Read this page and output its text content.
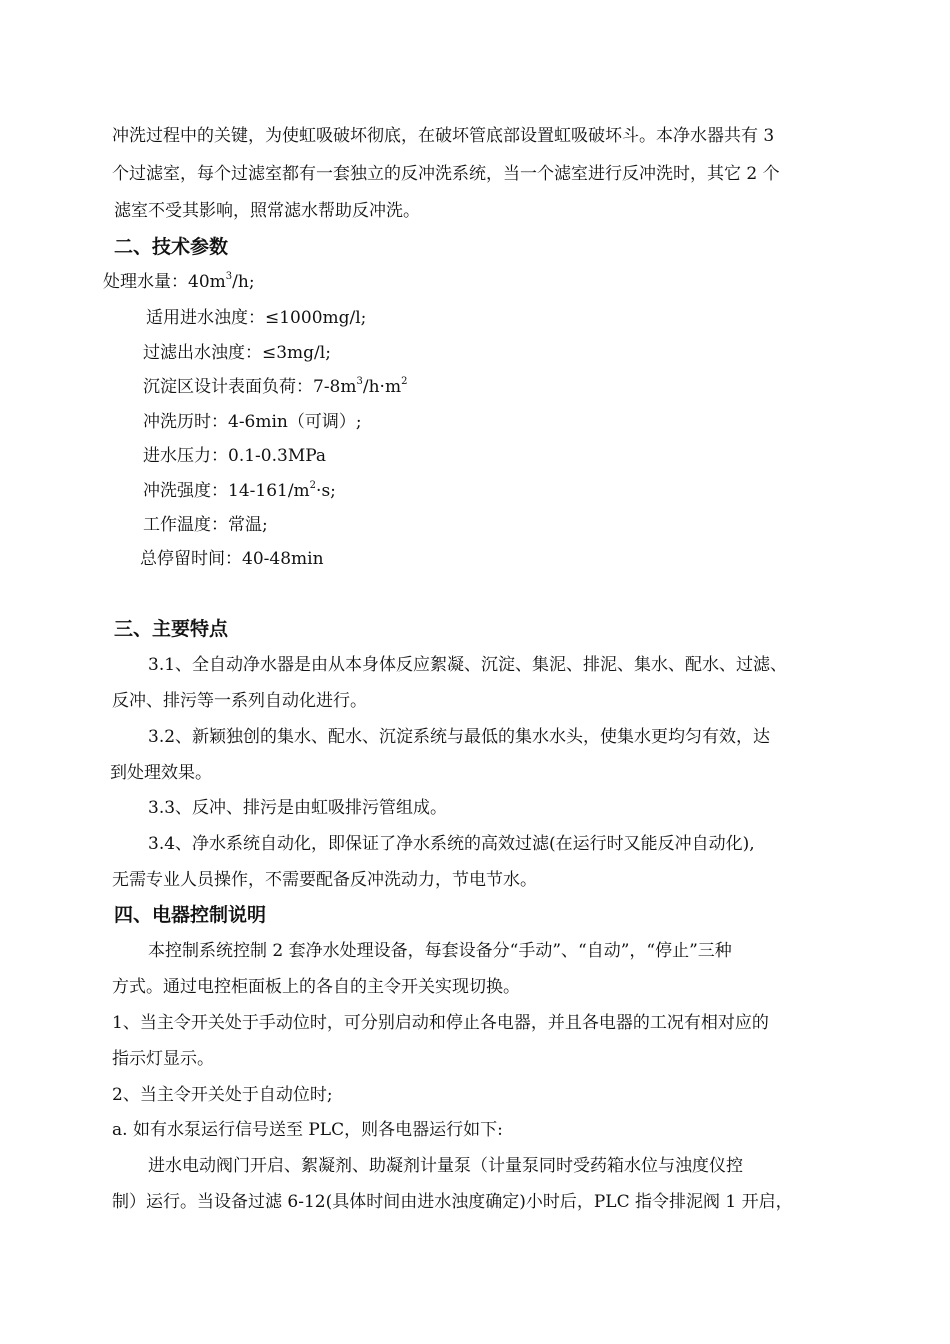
冲洗过程中的关键，为使虹吸破坏彻底，在破坏管底部设置虹吸破坏斗。本净水器共有 3
个过滤室，每个过滤室都有一套独立的反冲洗系统，当一个滤室进行反冲洗时，其它 2 个
滤室不受其影响，照常滤水帮助反冲洗。
二、技术参数
处理水量：$40m^3/h$;
适用进水浊度：≤1000mg/l;
过滤出水浊度：≤3mg/l;
沉淀区设计表面负荷：$7-8m^3/h\cdot m^2$
冲洗历时：4-6min（可调）;
进水压力：0.1-0.3MPa
冲洗强度：$14-161/m^2\cdot s$;
工作温度：常温;
总停留时间：40-48min
三、主要特点
3.1、全自动净水器是由从本身体反应絮凝、沉淀、集泥、排泥、集水、配水、过滤、
反冲、排污等一系列自动化进行。
3.2、新颖独创的集水、配水、沉淀系统与最低的集水水头，使集水更均匀有效，达
到处理效果。
3.3、反冲、排污是由虹吸排污管组成。
3.4、净水系统自动化，即保证了净水系统的高效过滤(在运行时又能反冲自动化),
无需专业人员操作，不需要配备反冲洗动力，节电节水。
四、电器控制说明
本控制系统控制 2 套净水处理设备，每套设备分“手动”、“自动”，“停止”三种
方式。通过电控柜面板上的各自的主令开关实现切换。
1、当主令开关处于手动位时，可分别启动和停止各电器，并且各电器的工况有相对应的
指示灯显示。
2、当主令开关处于自动位时;
a. 如有水泵运行信号送至 PLC，则各电器运行如下:
进水电动阀门开启、絮凝剂、助凝剂计量泵（计量泵同时受药箱水位与浊度仪控
制）运行。当设备过滤 6-12(具体时间由进水浊度确定)小时后，PLC 指令排泥阀 1 开启，
